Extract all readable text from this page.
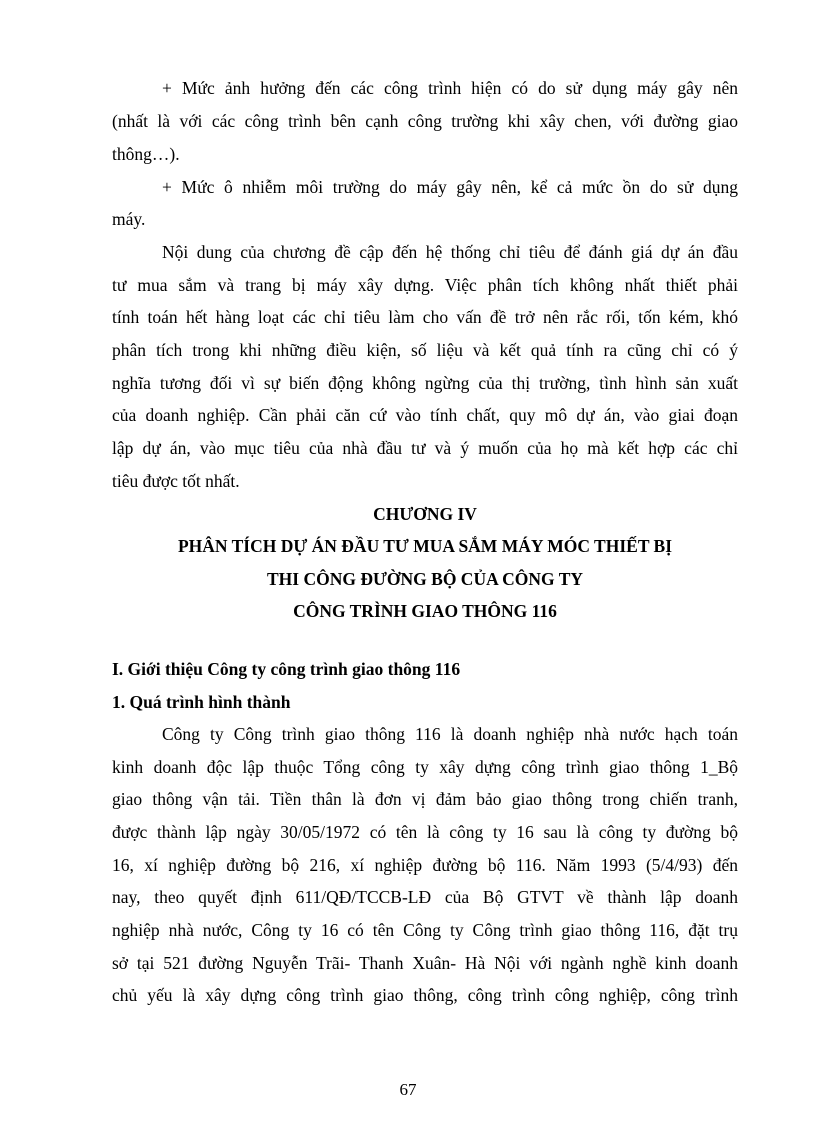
+ Mức ảnh hưởng đến các công trình hiện có do sử dụng máy gây nên
(nhất là với các công trình bên cạnh công trường khi xây chen, với đường giao
thông…).
+ Mức ô nhiễm môi trường do máy gây nên, kể cả mức ồn do sử dụng
máy.
Nội dung của chương đề cập đến hệ thống chỉ tiêu để đánh giá dự án đầu
tư mua sắm và trang bị máy xây dựng. Việc phân tích không nhất thiết phải
tính toán hết hàng loạt các chỉ tiêu làm cho vấn đề trở nên rắc rối, tốn kém, khó
phân tích trong khi những điều kiện, số liệu và kết quả tính ra cũng chỉ có ý
nghĩa tương đối vì sự biến động không ngừng của thị trường, tình hình sản xuất
của doanh nghiệp. Cần phải căn cứ vào tính chất, quy mô dự án, vào giai đoạn
lập dự án, vào mục tiêu của nhà đầu tư và ý muốn của họ mà kết hợp các chỉ
tiêu được tốt nhất.
CHƯƠNG IV
PHÂN TÍCH DỰ ÁN ĐẦU TƯ MUA SẮM MÁY MÓC THIẾT BỊ
THI CÔNG ĐƯỜNG BỘ CỦA CÔNG TY
CÔNG TRÌNH GIAO THÔNG 116
I. Giới thiệu Công ty công trình giao thông 116
1. Quá trình hình thành
Công ty Công trình giao thông 116 là doanh nghiệp nhà nước hạch toán
kinh doanh độc lập thuộc Tổng công ty xây dựng công trình giao thông 1_Bộ
giao thông vận tải. Tiền thân là đơn vị đảm bảo giao thông trong chiến tranh,
được thành lập ngày 30/05/1972 có tên là công ty 16 sau là công ty đường bộ
16, xí nghiệp đường bộ 216, xí nghiệp đường bộ 116. Năm 1993 (5/4/93) đến
nay, theo quyết định 611/QĐ/TCCB-LĐ của Bộ GTVT về thành lập doanh
nghiệp nhà nước, Công ty 16 có tên Công ty Công trình giao thông 116, đặt trụ
sở tại 521 đường Nguyễn Trãi- Thanh Xuân- Hà Nội với ngành nghề kinh doanh
chủ yếu là xây dựng công trình giao thông, công trình công nghiệp, công trình
67
